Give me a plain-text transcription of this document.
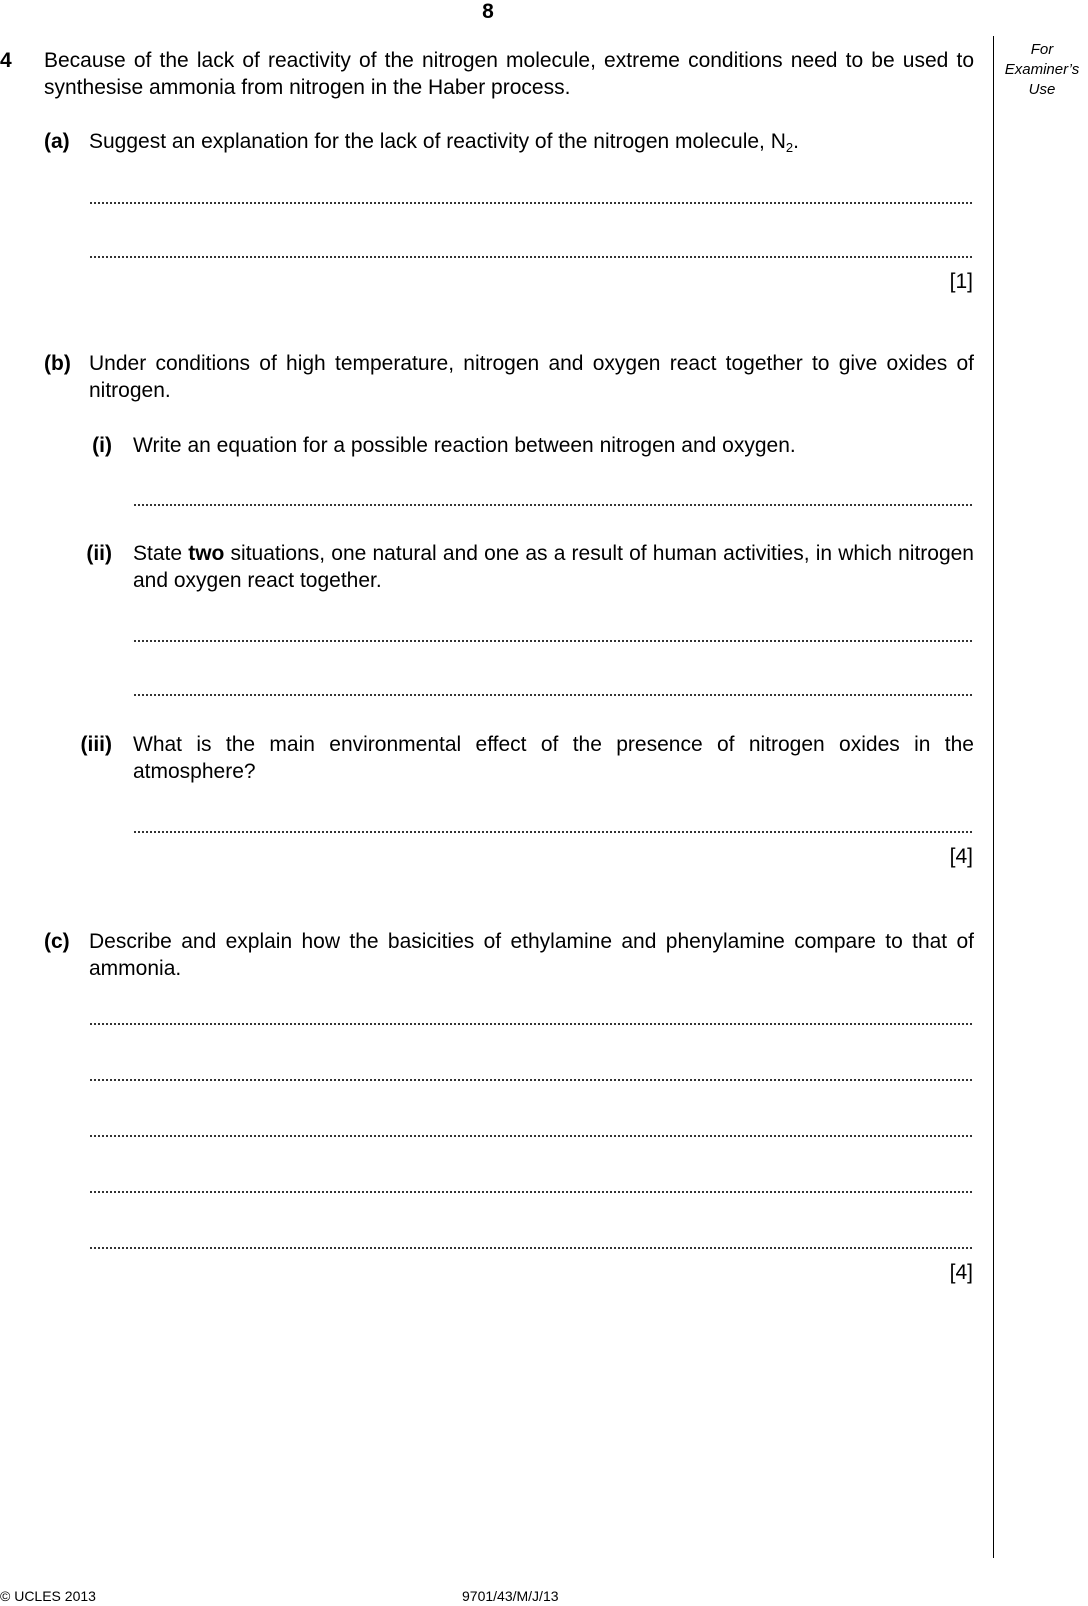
8
For
Examiner’s
Use
4 Because of the lack of reactivity of the nitrogen molecule, extreme conditions need to be used to synthesise ammonia from nitrogen in the Haber process.
(a) Suggest an explanation for the lack of reactivity of the nitrogen molecule, $N_2$.
[1]
(b) Under conditions of high temperature, nitrogen and oxygen react together to give oxides of nitrogen.
(i) Write an equation for a possible reaction between nitrogen and oxygen.
(ii) State two situations, one natural and one as a result of human activities, in which nitrogen and oxygen react together.
(iii) What is the main environmental effect of the presence of nitrogen oxides in the atmosphere?
[4]
(c) Describe and explain how the basicities of ethylamine and phenylamine compare to that of ammonia.
[4]
© UCLES 2013	9701/43/M/J/13
